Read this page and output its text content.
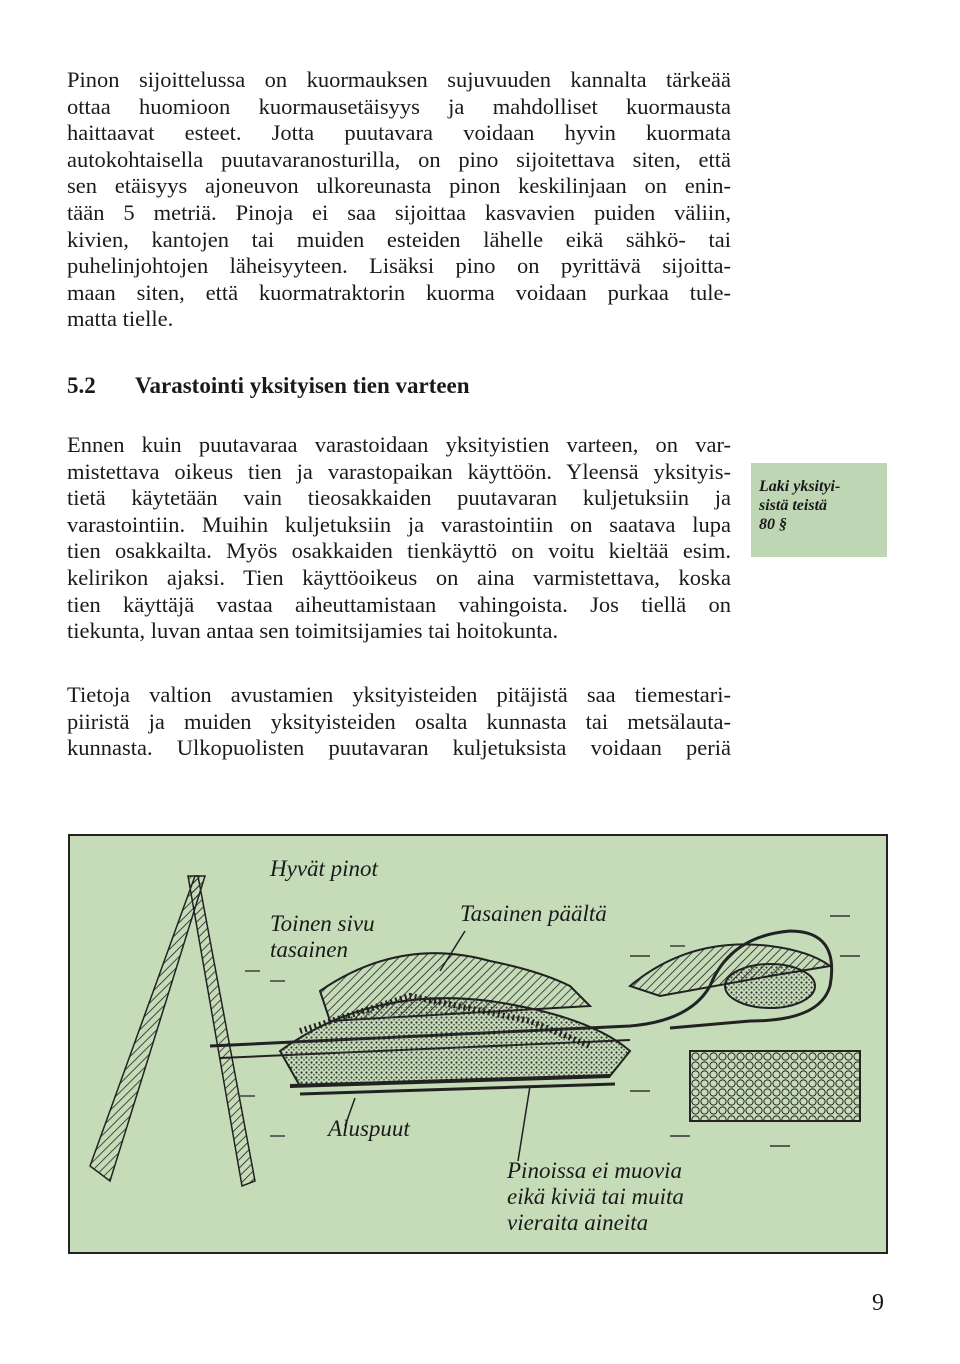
Pinon sijoittelussa on kuormauksen sujuvuuden kannalta tärkeää
ottaa huomioon kuormausetäisyys ja mahdolliset kuormausta
haittaavat esteet. Jotta puutavara voidaan hyvin kuormata
autokohtaisella puutavaranosturilla, on pino sijoitettava siten, että
sen etäisyys ajoneuvon ulkoreunasta pinon keskilinjaan on enin-
tään 5 metriä. Pinoja ei saa sijoittaa kasvavien puiden väliin,
kivien, kantojen tai muiden esteiden lähelle eikä sähkö- tai
puhelinjohtojen läheisyyteen. Lisäksi pino on pyrittävä sijoitta-
maan siten, että kuormatraktorin kuorma voidaan purkaa tule-
matta tielle.
5.2 Varastointi yksityisen tien varteen
Ennen kuin puutavaraa varastoidaan yksityistien varteen, on var-
mistettava oikeus tien ja varastopaikan käyttöön. Yleensä yksityis-
tietä käytetään vain tieosakkaiden puutavaran kuljetuksiin ja
varastointiin. Muihin kuljetuksiin ja varastointiin on saatava lupa
tien osakkailta. Myös osakkaiden tienkäyttö on voitu kieltää esim.
kelirikon ajaksi. Tien käyttöoikeus on aina varmistettava, koska
tien käyttäjä vastaa aiheuttamistaan vahingoista. Jos tiellä on
tiekunta, luvan antaa sen toimitsijamies tai hoitokunta.
Laki yksityi-
sistä teistä
80 §
Tietoja valtion avustamien yksityisteiden pitäjistä saa tiemestari-
piiristä ja muiden yksityisteiden osalta kunnasta tai metsälauta-
kunnasta. Ulkopuolisten puutavaran kuljetuksista voidaan periä
Hyvät pinot
Toinen sivu
tasainen
Tasainen päältä
Aluspuut
Pinoissa ei muovia
eikä kiviä tai muita
vieraita aineita
9
